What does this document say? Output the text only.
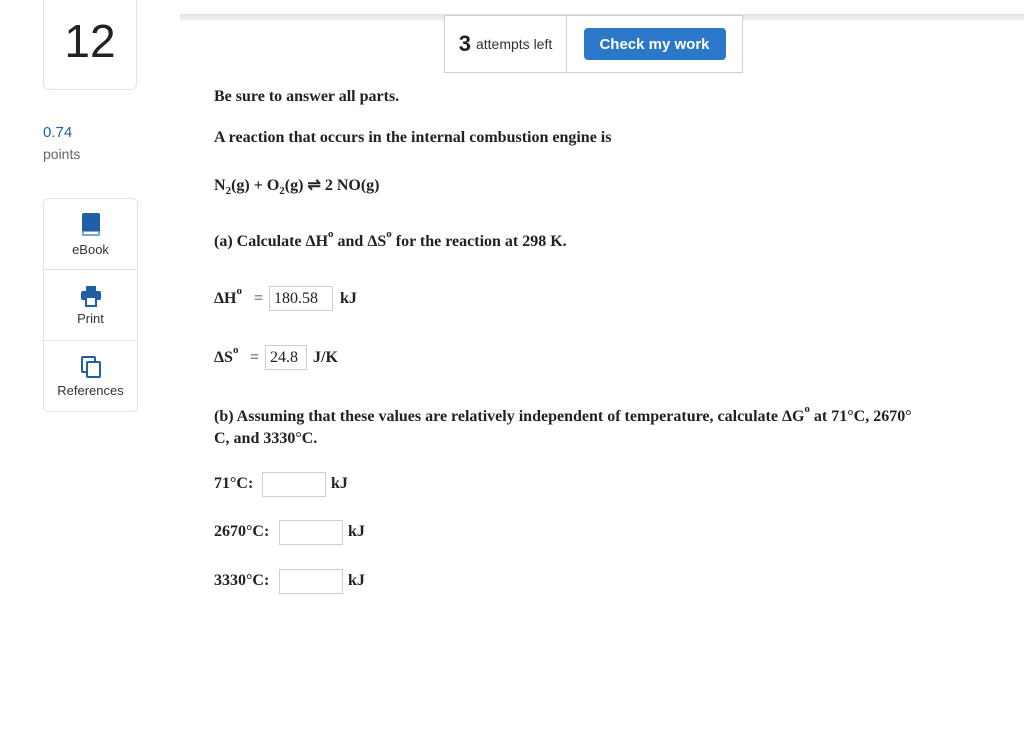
12
0.74
points
eBook
Print
References
3 attempts left	Check my work
Be sure to answer all parts.
A reaction that occurs in the internal combustion engine is
$N_2(g) + O_2(g)$ ⇌ 2 NO(g)
(a) Calculate $\Delta H^o$ and $\Delta S^o$ for the reaction at 298 K.
$\Delta H^o$ =
180.58	kJ
$\Delta S^o$ =
24.8	J/K
(b) Assuming that these values are relatively independent of temperature, calculate $\Delta G^o$ at 71°C, 2670°
C, and 3330°C.
71°C:	kJ
2670°C:	kJ
3330°C:	kJ
